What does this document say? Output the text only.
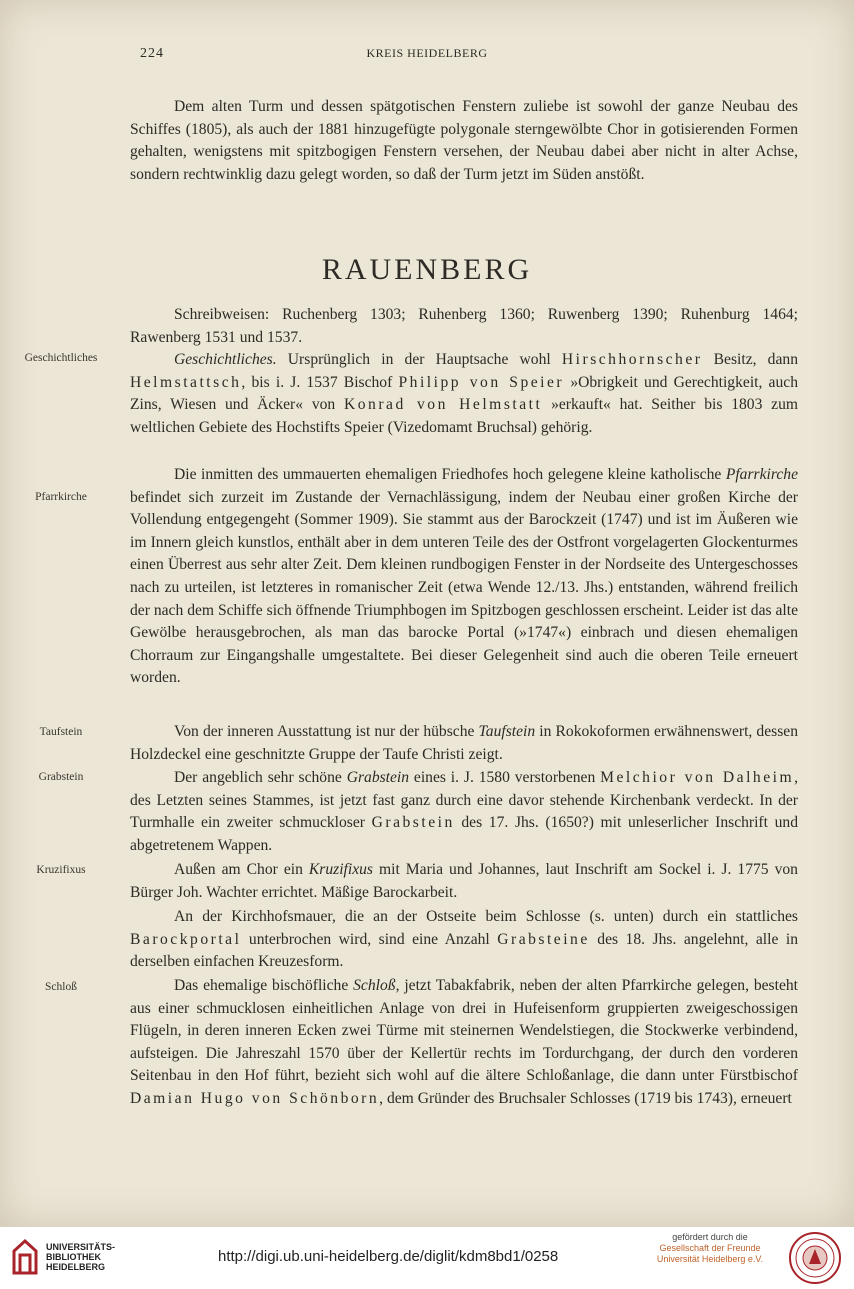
224	KREIS HEIDELBERG
Dem alten Turm und dessen spätgotischen Fenstern zuliebe ist sowohl der ganze Neubau des Schiffes (1805), als auch der 1881 hinzugefügte polygonale sterngewölbte Chor in gotisierenden Formen gehalten, wenigstens mit spitzbogigen Fenstern versehen, der Neubau dabei aber nicht in alter Achse, sondern rechtwinklig dazu gelegt worden, so daß der Turm jetzt im Süden anstößt.
RAUENBERG
Schreibweisen: Ruchenberg 1303; Ruhenberg 1360; Ruwenberg 1390; Ruhenburg 1464; Rawenberg 1531 und 1537.
Geschichtliches	Geschichtliches. Ursprünglich in der Hauptsache wohl Hirschhornscher Besitz, dann Helmstattsch, bis i. J. 1537 Bischof Philipp von Speier »Obrigkeit und Gerechtigkeit, auch Zins, Wiesen und Äcker« von Konrad von Helmstatt »erkauft« hat. Seither bis 1803 zum weltlichen Gebiete des Hochstifts Speier (Vizedomamt Bruchsal) gehörig.
Pfarrkirche
Die inmitten des ummauerten ehemaligen Friedhofes hoch gelegene kleine katholische Pfarrkirche befindet sich zurzeit im Zustande der Vernachlässigung, indem der Neubau einer großen Kirche der Vollendung entgegengeht (Sommer 1909). Sie stammt aus der Barockzeit (1747) und ist im Äußeren wie im Innern gleich kunstlos, enthält aber in dem unteren Teile des der Ostfront vorgelagerten Glockenturmes einen Überrest aus sehr alter Zeit. Dem kleinen rundbogigen Fenster in der Nordseite des Untergeschosses nach zu urteilen, ist letzteres in romanischer Zeit (etwa Wende 12./13. Jhs.) entstanden, während freilich der nach dem Schiffe sich öffnende Triumphbogen im Spitzbogen geschlossen erscheint. Leider ist das alte Gewölbe herausgebrochen, als man das barocke Portal (»1747«) einbrach und diesen ehemaligen Chorraum zur Eingangshalle umgestaltete. Bei dieser Gelegenheit sind auch die oberen Teile erneuert worden.
Taufstein	Von der inneren Ausstattung ist nur der hübsche Taufstein in Rokokoformen erwähnenswert, dessen Holzdeckel eine geschnitzte Gruppe der Taufe Christi zeigt.
Grabstein	Der angeblich sehr schöne Grabstein eines i. J. 1580 verstorbenen Melchior von Dalheim, des Letzten seines Stammes, ist jetzt fast ganz durch eine davor stehende Kirchenbank verdeckt. In der Turmhalle ein zweiter schmuckloser Grabstein des 17. Jhs. (1650?) mit unleserlicher Inschrift und abgetretenem Wappen.
Kruzifixus	Außen am Chor ein Kruzifixus mit Maria und Johannes, laut Inschrift am Sockel i. J. 1775 von Bürger Joh. Wachter errichtet. Mäßige Barockarbeit.
An der Kirchhofsmauer, die an der Ostseite beim Schlosse (s. unten) durch ein stattliches Barockportal unterbrochen wird, sind eine Anzahl Grabsteine des 18. Jhs. angelehnt, alle in derselben einfachen Kreuzesform.
Schloß	Das ehemalige bischöfliche Schloß, jetzt Tabakfabrik, neben der alten Pfarrkirche gelegen, besteht aus einer schmucklosen einheitlichen Anlage von drei in Hufeisenform gruppierten zweigeschossigen Flügeln, in deren inneren Ecken zwei Türme mit steinernen Wendelstiegen, die Stockwerke verbindend, aufsteigen. Die Jahreszahl 1570 über der Kellertür rechts im Tordurchgang, der durch den vorderen Seitenbau in den Hof führt, bezieht sich wohl auf die ältere Schloßanlage, die dann unter Fürstbischof Damian Hugo von Schönborn, dem Gründer des Bruchsaler Schlosses (1719 bis 1743), erneuert
UNIVERSITÄTS-
BIBLIOTHEK
HEIDELBERG
http://digi.ub.uni-heidelberg.de/diglit/kdm8bd1/0258
gefördert durch die

Gesellschaft der Freunde
Universität Heidelberg e.V.
